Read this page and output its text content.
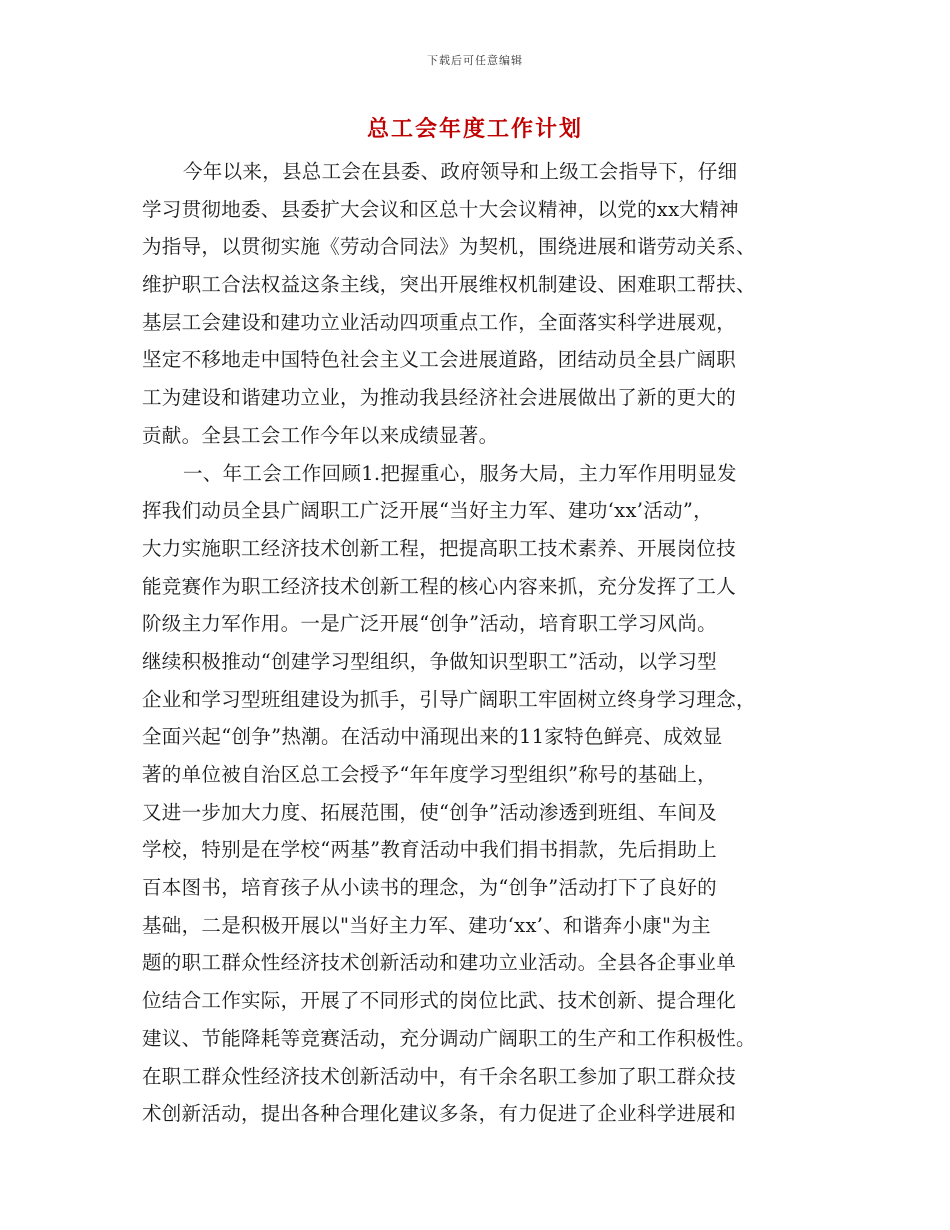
下载后可任意编辑
总工会年度工作计划
今年以来，县总工会在县委、政府领导和上级工会指导下，仔细
学习贯彻地委、县委扩大会议和区总十大会议精神，以党的xx大精神
为指导，以贯彻实施《劳动合同法》为契机，围绕进展和谐劳动关系、
维护职工合法权益这条主线，突出开展维权机制建设、困难职工帮扶、
基层工会建设和建功立业活动四项重点工作，全面落实科学进展观，
坚定不移地走中国特色社会主义工会进展道路，团结动员全县广阔职
工为建设和谐建功立业，为推动我县经济社会进展做出了新的更大的
贡献。全县工会工作今年以来成绩显著。
一、年工会工作回顾1.把握重心，服务大局，主力军作用明显发
挥我们动员全县广阔职工广泛开展“当好主力军、建功‘xx’活动”，
大力实施职工经济技术创新工程，把提高职工技术素养、开展岗位技
能竞赛作为职工经济技术创新工程的核心内容来抓，充分发挥了工人
阶级主力军作用。一是广泛开展“创争”活动，培育职工学习风尚。
继续积极推动“创建学习型组织，争做知识型职工”活动，以学习型
企业和学习型班组建设为抓手，引导广阔职工牢固树立终身学习理念，
全面兴起“创争”热潮。在活动中涌现出来的11家特色鲜亮、成效显
著的单位被自治区总工会授予“年年度学习型组织”称号的基础上，
又进一步加大力度、拓展范围，使“创争”活动渗透到班组、车间及
学校，特别是在学校“两基”教育活动中我们捐书捐款，先后捐助上
百本图书，培育孩子从小读书的理念，为“创争”活动打下了良好的
基础，二是积极开展以"当好主力军、建功‘xx’、和谐奔小康"为主
题的职工群众性经济技术创新活动和建功立业活动。全县各企事业单
位结合工作实际，开展了不同形式的岗位比武、技术创新、提合理化
建议、节能降耗等竞赛活动，充分调动广阔职工的生产和工作积极性。
在职工群众性经济技术创新活动中，有千余名职工参加了职工群众技
术创新活动，提出各种合理化建议多条，有力促进了企业科学进展和
